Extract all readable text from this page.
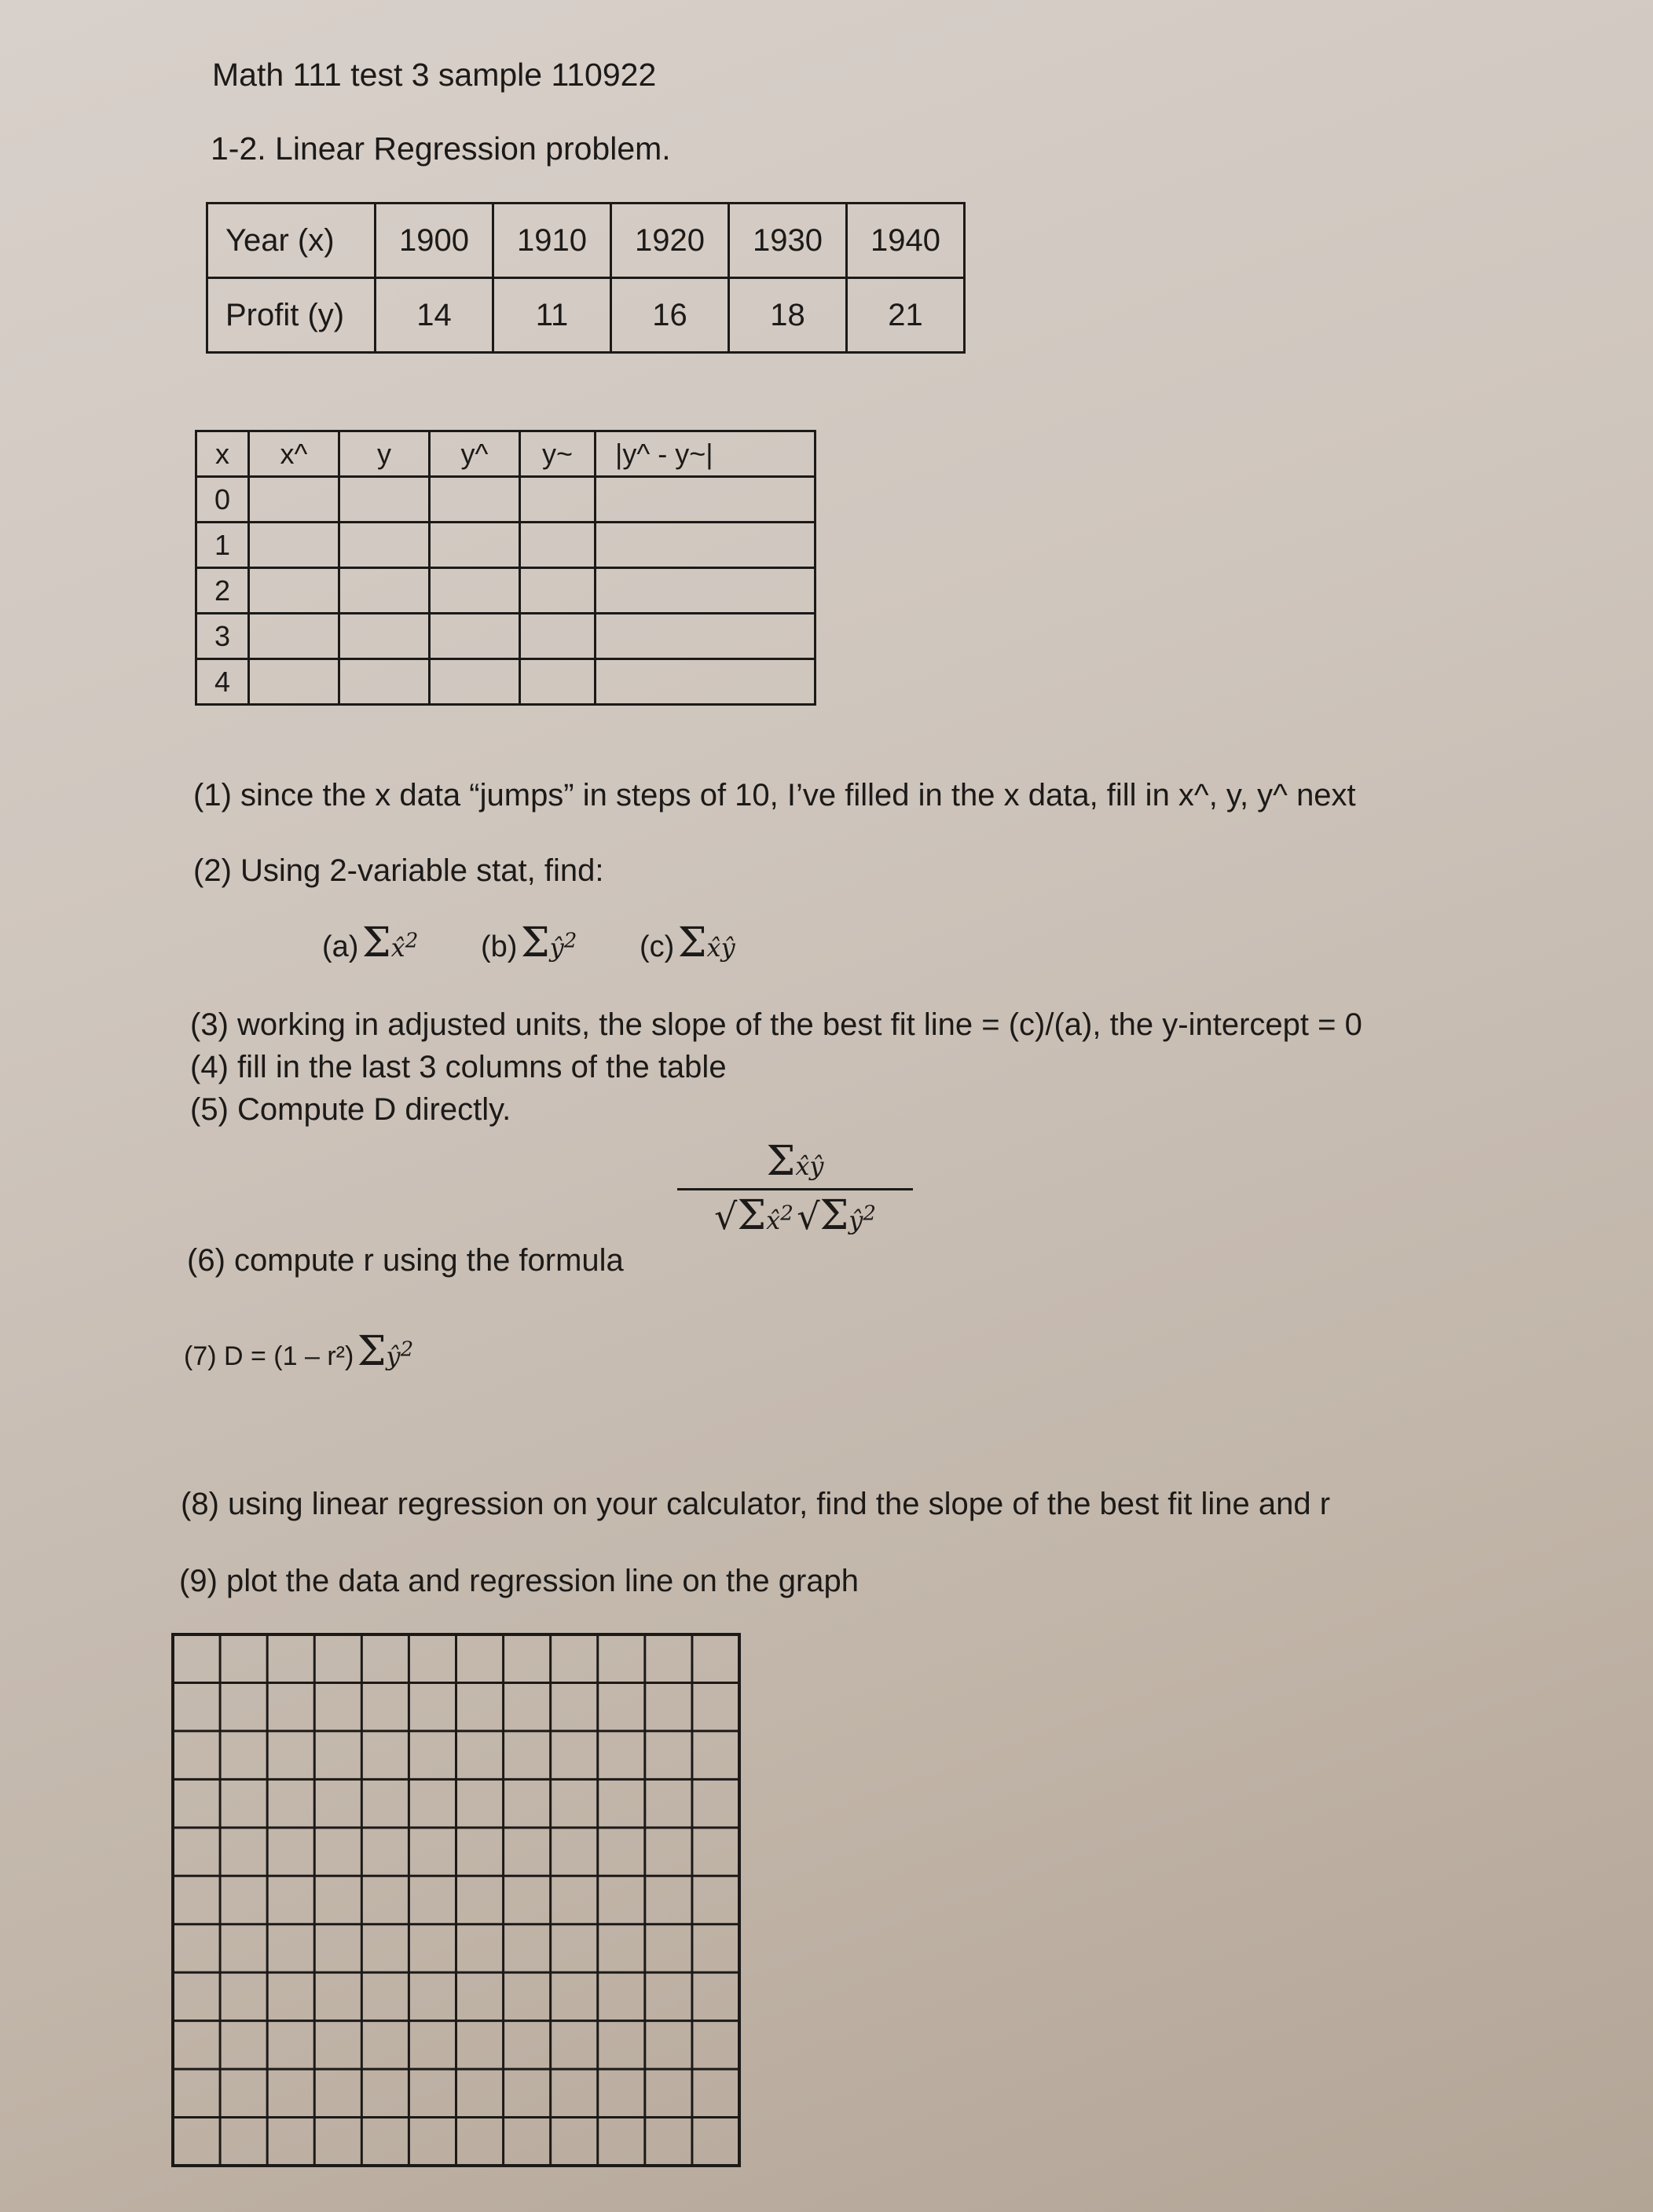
Math 111 test 3 sample 110922
1-2. Linear Regression problem.
Year (x)	1900	1910	1920	1930	1940
Profit (y)	14	11	16	18	21
x	x^	y	y^	y~	|y^ - y~|
0					
1					
2					
3					
4					
(1) since the x data “jumps” in steps of 10, I’ve filled in the x data, fill in x^, y, y^ next
(2) Using 2-variable stat, find:
(a) Σx̂$^2$ (b) $\Sigma ŷ^2$ (c) Σx̂ŷ
(3) working in adjusted units, the slope of the best fit line = (c)/(a), the y-intercept = 0
(4) fill in the last 3 columns of the table
(5) Compute D directly.
$\frac{\Sigma x̂ŷ}{√\Sigma x̂^2 √\Sigma ŷ^2}$
(6) compute r using the formula
(7) D = (1 – r²) $\Sigma ŷ^2$
(8) using linear regression on your calculator, find the slope of the best fit line and r
(9) plot the data and regression line on the graph
